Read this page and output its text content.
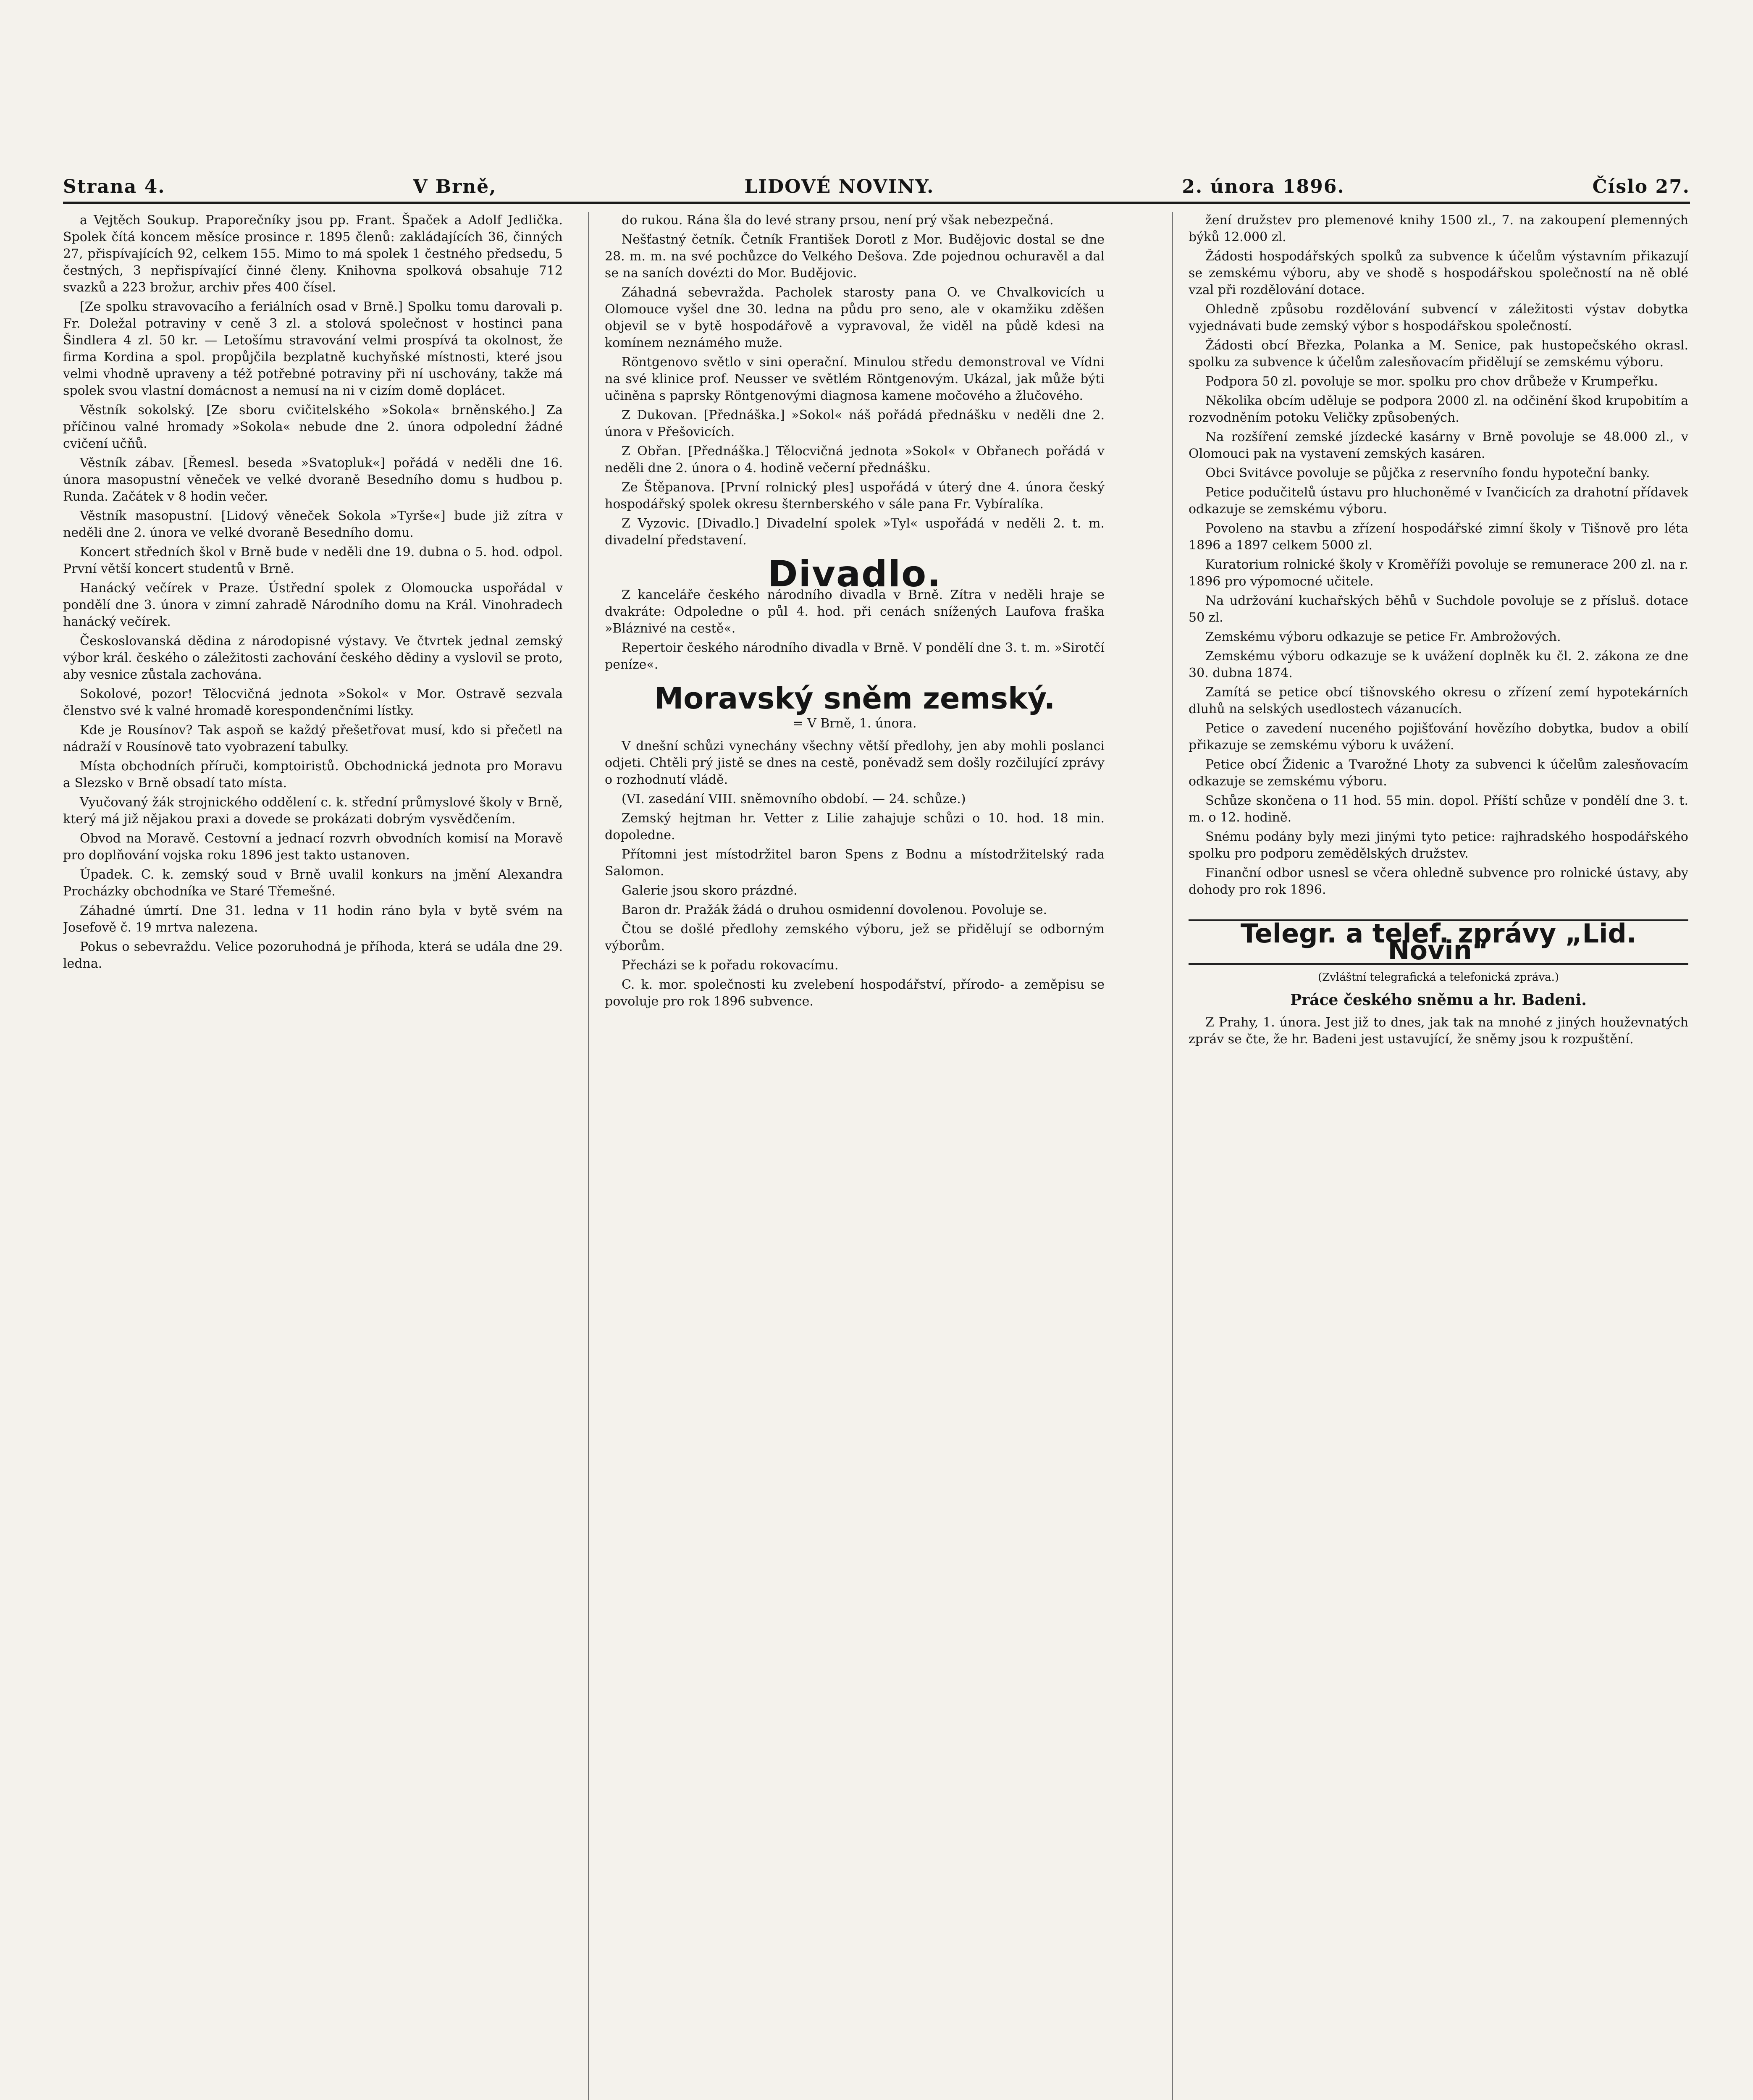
Strana 4.	V Brně,	LIDOVÉ NOVINY.	2. února 1896.	Číslo 27.

a Vejtěch Soukup. Praporečníky jsou pp. Frant. Špaček a Adolf Jedlička. Spolek čítá koncem měsíce prosince r. 1895 členů: zakládajících 36, činných 27, přispívajících 92, celkem 155. Mimo to má spolek 1 čestného předsedu, 5 čestných, 3 nepřispívající činné členy. Knihovna spolková obsahuje 712 svazků a 223 brožur, archiv přes 400 čísel.

[Ze spolku stravovacího a feriálních osad v Brně.] Spolku tomu darovali p. Fr. Doležal potraviny v ceně 3 zl. a stolová společnost v hostinci pana Šindlera 4 zl. 50 kr. — Letošímu stravování velmi prospívá ta okolnost, že firma Kordina a spol. propůjčila bezplatně kuchyňské místnosti, které jsou velmi vhodně upraveny a též potřebné potraviny při ní uschovány, takže má spolek svou vlastní domácnost a nemusí na ni v cizím domě doplácet.

Věstník sokolský. [Ze sboru cvičitelského »Sokola« brněnského.] Za příčinou valné hromady »Sokola« nebude dne 2. února odpolední žádné cvičení učňů.

Věstník zábav. [Řemesl. beseda »Svatopluk«] pořádá v neděli dne 16. února masopustní věneček ve velké dvoraně Besedního domu s hudbou p. Runda. Začátek v 8 hodin večer.

Věstník masopustní. [Lidový věneček Sokola »Tyrše«] bude již zítra v neděli dne 2. února ve velké dvoraně Besedního domu.

Koncert středních škol v Brně bude v neděli dne 19. dubna o 5. hod. odpol. První větší koncert studentů v Brně.

Hanácký večírek v Praze. Ústřední spolek z Olomoucka uspořádal v pondělí dne 3. února v zimní zahradě Národního domu na Král. Vinohradech hanácký večírek.

Českoslovanská dědina z národopisné výstavy. Ve čtvrtek jednal zemský výbor král. českého o záležitosti zachování českého dědiny a vyslovil se proto, aby vesnice zůstala zachována.

Sokolové, pozor! Tělocvičná jednota »Sokol« v Mor. Ostravě sezvala členstvo své k valné hromadě korespondenčními lístky.

Kde je Rousínov? Tak aspoň se každý přešetřovat musí, kdo si přečetl na nádraží v Rousínově tato vyobrazení tabulky.

Místa obchodních příruči, komptoiristů. Obchodnická jednota pro Moravu a Slezsko v Brně obsadí tato místa.

Vyučovaný žák strojnického oddělení c. k. střední průmyslové školy v Brně, který má již nějakou praxi a dovede se prokázati dobrým vysvědčením.

Obvod na Moravě. Cestovní a jednací rozvrh obvodních komisí na Moravě pro doplňování vojska roku 1896 jest takto ustanoven.

Úpadek. C. k. zemský soud v Brně uvalil konkurs na jmění Alexandra Procházky obchodníka ve Staré Třemešné.

Záhadné úmrtí. Dne 31. ledna v 11 hodin ráno byla v bytě svém na Josefově č. 19 mrtva nalezena.

Pokus o sebevraždu. Velice pozoruhodná je příhoda, která se udála dne 29. ledna.

do rukou. Rána šla do levé strany prsou, není prý však nebezpečná.

Nešťastný četník. Četník František Dorotl z Mor. Budějovic dostal se dne 28. m. m. na své pochůzce do Velkého Dešova. Zde pojednou ochuravěl a dal se na saních dovézti do Mor. Budějovic.

Záhadná sebevražda. Pacholek starosty pana O. ve Chvalkovicích u Olomouce vyšel dne 30. ledna na půdu pro seno, ale v okamžiku zděšen objevil se v bytě hospodářově a vypravoval, že viděl na půdě kdesi na komínem neznámého muže.

Röntgenovo světlo v sini operační. Minulou středu demonstroval ve Vídni na své klinice prof. Neusser ve světlém Röntgenovým. Ukázal, jak může býti učiněna s paprsky Röntgenovými diagnosa kamene močového a žlučového.

Z Dukovan. [Přednáška.] »Sokol« náš pořádá přednášku v neděli dne 2. února v Přešovicích.

Z Obřan. [Přednáška.] Tělocvičná jednota »Sokol« v Obřanech pořádá v neděli dne 2. února o 4. hodině večerní přednášku.

Ze Štěpanova. [První rolnický ples] uspořádá v úterý dne 4. února český hospodářský spolek okresu šternberského v sále pana Fr. Vybíralíka.

Z Vyzovic. [Divadlo.] Divadelní spolek »Tyl« uspořádá v neděli 2. t. m. divadelní představení.

Divadlo.

Z kanceláře českého národního divadla v Brně. Zítra v neděli hraje se dvakráte: Odpoledne o půl 4. hod. při cenách snížených Laufova fraška »Bláznivé na cestě«.

Repertoir českého národního divadla v Brně. V pondělí dne 3. t. m. »Sirotčí peníze«.

Moravský sněm zemský.
= V Brně, 1. února.

V dnešní schůzi vynechány všechny větší předlohy, jen aby mohli poslanci odjeti. Chtěli prý jistě se dnes na cestě, poněvadž sem došly rozčilující zprávy o rozhodnutí vládě.

(VI. zasedání VIII. sněmovního období. — 24. schůze.)

Zemský hejtman hr. Vetter z Lilie zahajuje schůzi o 10. hod. 18 min. dopoledne.

Přítomni jest místodržitel baron Spens z Bodnu a místodržitelský rada Salomon.

Galerie jsou skoro prázdné.

Baron dr. Pražák žádá o druhou osmidenní dovolenou. Povoluje se.

Čtou se došlé předlohy zemského výboru, jež se přidělují se odborným výborům.

Přecházi se k pořadu rokovacímu.

C. k. mor. společnosti ku zvelebení hospodářství, přírodo- a zeměpisu se povoluje pro rok 1896 subvence.

žení družstev pro plemenové knihy 1500 zl., 7. na zakoupení plemenných býků 12.000 zl.

Žádosti hospodářských spolků za subvence k účelům výstavním přikazují se zemskému výboru, aby ve shodě s hospodářskou společností na ně oblé vzal při rozdělování dotace.

Ohledně způsobu rozdělování subvencí v záležitosti výstav dobytka vyjednávati bude zemský výbor s hospodářskou společností.

Žádosti obcí Březka, Polanka a M. Senice, pak hustopečského okrasl. spolku za subvence k účelům zalesňovacím přidělují se zemskému výboru.

Podpora 50 zl. povoluje se mor. spolku pro chov drůbeže v Krumpeřku.

Několika obcím uděluje se podpora 2000 zl. na odčinění škod krupobitím a rozvodněním potoku Veličky způsobených.

Na rozšíření zemské jízdecké kasárny v Brně povoluje se 48.000 zl., v Olomouci pak na vystavení zemských kasáren.

Obci Svitávce povoluje se půjčka z reservního fondu hypoteční banky.

Petice podučitelů ústavu pro hluchoněmé v Ivančicích za drahotní přídavek odkazuje se zemskému výboru.

Povoleno na stavbu a zřízení hospodářské zimní školy v Tišnově pro léta 1896 a 1897 celkem 5000 zl.

Kuratorium rolnické školy v Kroměříži povoluje se remunerace 200 zl. na r. 1896 pro výpomocné učitele.

Na udržování kuchařských běhů v Suchdole povoluje se z přísluš. dotace 50 zl.

Zemskému výboru odkazuje se petice Fr. Ambrožových.

Zemskému výboru odkazuje se k uvážení doplněk ku čl. 2. zákona ze dne 30. dubna 1874.

Zamítá se petice obcí tišnovského okresu o zřízení zemí hypotekárních dluhů na selských usedlostech vázanucích.

Petice o zavedení nuceného pojišťování hovězího dobytka, budov a obilí přikazuje se zemskému výboru k uvážení.

Petice obcí Židenic a Tvarožné Lhoty za subvenci k účelům zalesňovacím odkazuje se zemskému výboru.

Schůze skončena o 11 hod. 55 min. dopol. Příští schůze v pondělí dne 3. t. m. o 12. hodině.

Snému podány byly mezi jinými tyto petice: rajhradského hospodářského spolku pro podporu zemědělských družstev.

Finanční odbor usnesl se včera ohledně subvence pro rolnické ústavy, aby dohody pro rok 1896.

Telegr. a telef. zprávy „Lid. Novin“
(Zvláštní telegrafická a telefonická zpráva.)
Práce českého sněmu a hr. Badeni.

Z Prahy, 1. února. Jest již to dnes, jak tak na mnohé z jiných houževnatých zpráv se čte, že hr. Badeni jest ustavující, že sněmy jsou k rozpuštění.
